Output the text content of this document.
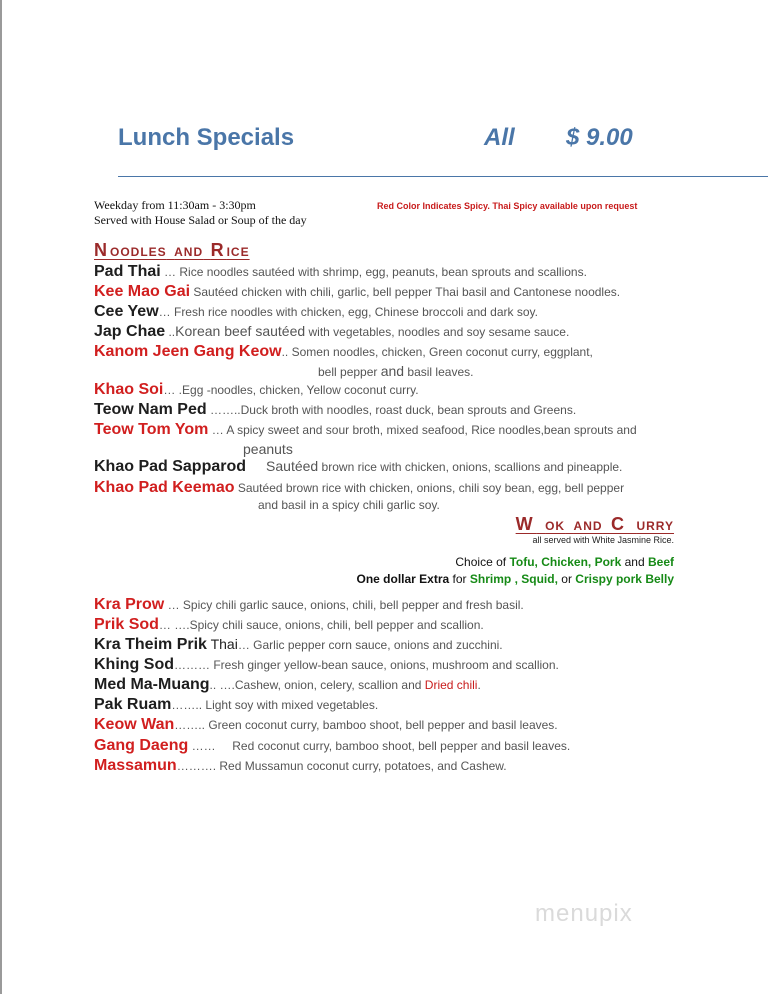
Lunch Specials	All $ 9.00
Weekday from 11:30am - 3:30pm
Served with House Salad or Soup of the day
Red Color Indicates Spicy. Thai Spicy available upon request
NOODLES AND RICE
Pad Thai … Rice noodles sautéed with shrimp, egg, peanuts, bean sprouts and scallions.
Kee Mao Gai Sautéed chicken with chili, garlic, bell pepper Thai basil and Cantonese noodles.
Cee Yew… Fresh rice noodles with chicken, egg, Chinese broccoli and dark soy.
Jap Chae ..Korean beef sautéed with vegetables, noodles and soy sesame sauce.
Kanom Jeen Gang Keow.. Somen noodles, chicken, Green coconut curry, eggplant,
bell pepper and basil leaves.
Khao Soi… .Egg -noodles, chicken, Yellow coconut curry.
Teow Nam Ped ……..Duck broth with noodles, roast duck, bean sprouts and Greens.
Teow Tom Yom … A spicy sweet and sour broth, mixed seafood, Rice noodles,bean sprouts and
peanuts
Khao Pad Sapparod Sautéed brown rice with chicken, onions, scallions and pineapple.
Khao Pad Keemao Sautéed brown rice with chicken, onions, chili soy bean, egg, bell pepper
and basil in a spicy chili garlic soy.
W OK AND C URRY
all served with White Jasmine Rice.
Choice of Tofu, Chicken, Pork and Beef
One dollar Extra for Shrimp , Squid, or Crispy pork Belly
Kra Prow … Spicy chili garlic sauce, onions, chili, bell pepper and fresh basil.
Prik Sod… ….Spicy chili sauce, onions, chili, bell pepper and scallion.
Kra Theim Prik Thai… Garlic pepper corn sauce, onions and zucchini.
Khing Sod……… Fresh ginger yellow-bean sauce, onions, mushroom and scallion.
Med Ma-Muang.. ….Cashew, onion, celery, scallion and Dried chili.
Pak Ruam…….. Light soy with mixed vegetables.
Keow Wan…….. Green coconut curry, bamboo shoot, bell pepper and basil leaves.
Gang Daeng ……     Red coconut curry, bamboo shoot, bell pepper and basil leaves.
Massamun………. Red Mussamun coconut curry, potatoes, and Cashew.
menupix
